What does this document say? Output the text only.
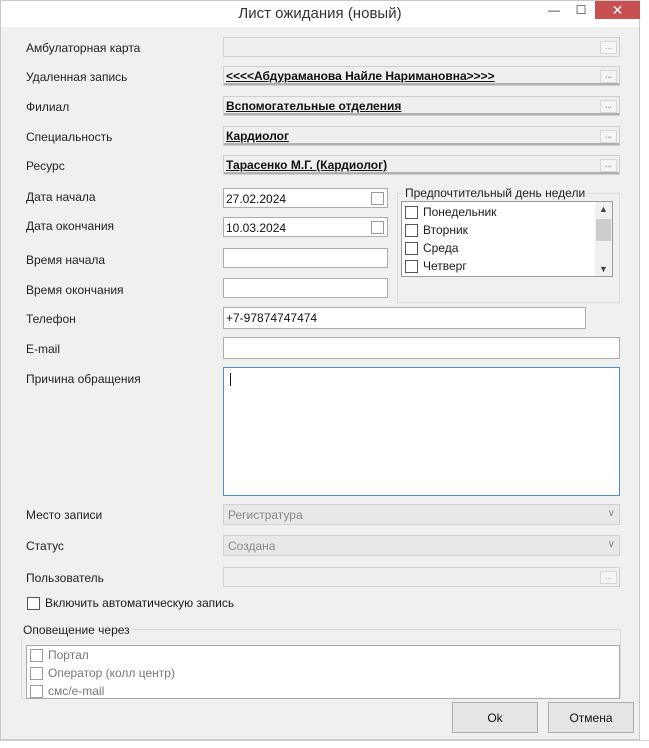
Лист ожидания (новый)	—	☐	✕
Амбулаторная карта	...
Удаленная запись	<<<<Абдураманова Найле Наримановна>>>>	...
Филиал	Вспомогательные отделения	...
Специальность	Кардиолог	...
Ресурс	Тарасенко М.Г. (Кардиолог)	...
Дата начала	27.02.2024
Дата окончания	10.03.2024
Время начала
Время окончания
Предпочтительный день недели
Понедельник
Вторник
Среда
Четверг
▲
▼
Телефон	+7-97874747474
E-mail
Причина обращения
Место записи	Регистратура	∨
Статус	Создана	∨
Пользователь	...
Включить автоматическую запись
Оповещение через
Портал
Оператор (колл центр)
смс/e-mail
Ok	Отмена
